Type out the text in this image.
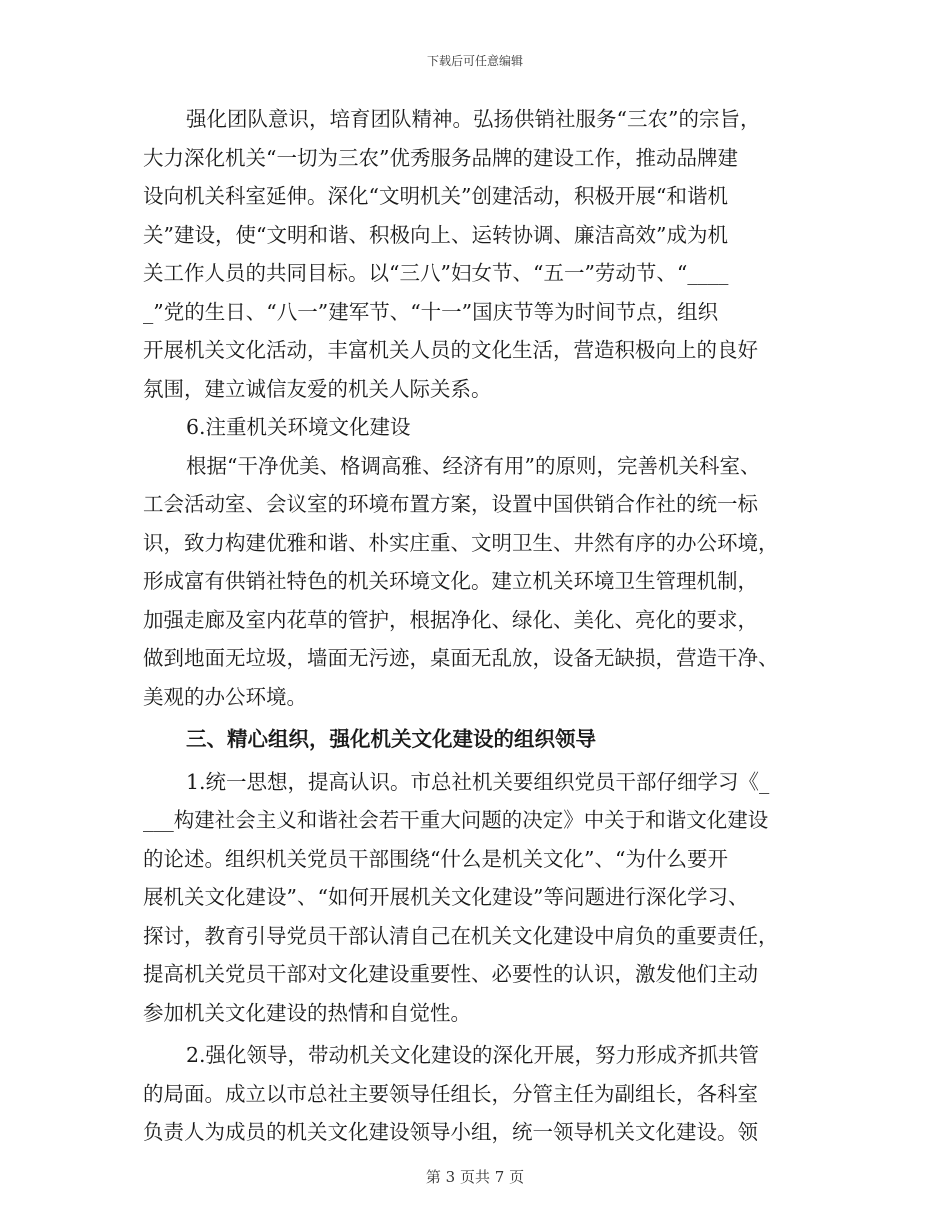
下载后可任意编辑
强化团队意识，培育团队精神。弘扬供销社服务“三农”的宗旨，
大力深化机关“一切为三农”优秀服务品牌的建设工作，推动品牌建
设向机关科室延伸。深化“文明机关”创建活动，积极开展“和谐机
关”建设，使“文明和谐、积极向上、运转协调、廉洁高效”成为机
关工作人员的共同目标。以“三八”妇女节、“五一”劳动节、“____
_”党的生日、“八一”建军节、“十一”国庆节等为时间节点，组织
开展机关文化活动，丰富机关人员的文化生活，营造积极向上的良好
氛围，建立诚信友爱的机关人际关系。
6.注重机关环境文化建设
根据“干净优美、格调高雅、经济有用”的原则，完善机关科室、
工会活动室、会议室的环境布置方案，设置中国供销合作社的统一标
识，致力构建优雅和谐、朴实庄重、文明卫生、井然有序的办公环境，
形成富有供销社特色的机关环境文化。建立机关环境卫生管理机制，
加强走廊及室内花草的管护，根据净化、绿化、美化、亮化的要求，
做到地面无垃圾，墙面无污迹，桌面无乱放，设备无缺损，营造干净、
美观的办公环境。
三、精心组织，强化机关文化建设的组织领导
1.统一思想，提高认识。市总社机关要组织党员干部仔细学习《_
___构建社会主义和谐社会若干重大问题的决定》中关于和谐文化建设
的论述。组织机关党员干部围绕“什么是机关文化”、“为什么要开
展机关文化建设”、“如何开展机关文化建设”等问题进行深化学习、
探讨，教育引导党员干部认清自己在机关文化建设中肩负的重要责任，
提高机关党员干部对文化建设重要性、必要性的认识，激发他们主动
参加机关文化建设的热情和自觉性。
2.强化领导，带动机关文化建设的深化开展，努力形成齐抓共管
的局面。成立以市总社主要领导任组长，分管主任为副组长，各科室
负责人为成员的机关文化建设领导小组，统一领导机关文化建设。领
第 3 页共 7 页
